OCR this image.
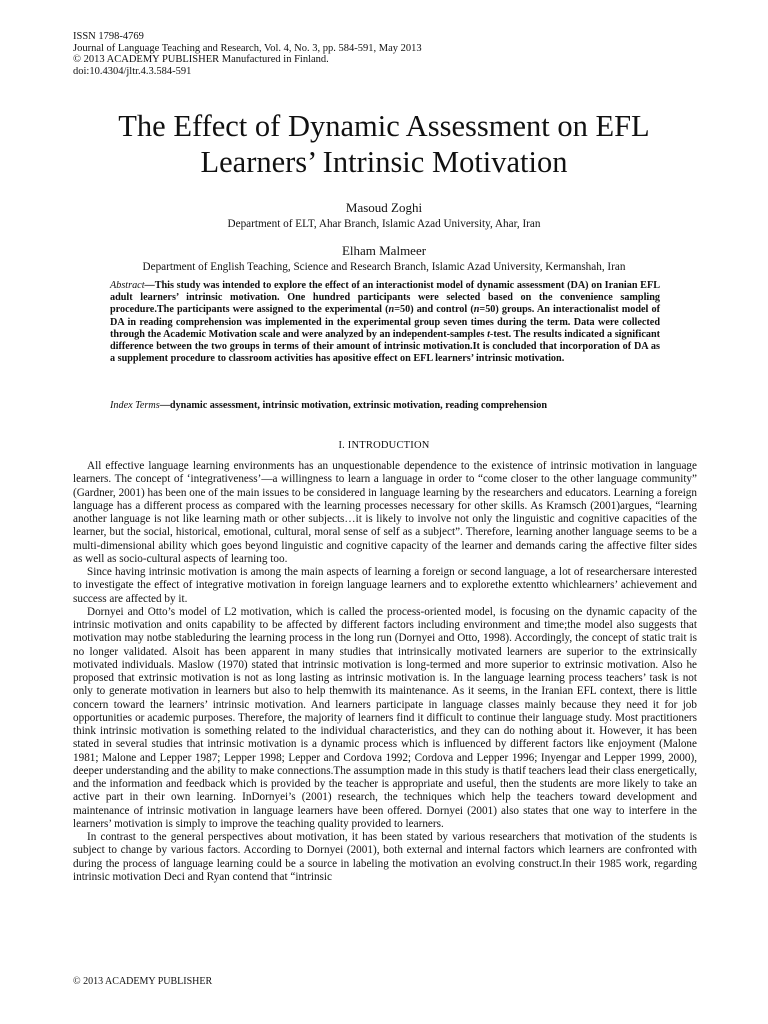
ISSN 1798-4769
Journal of Language Teaching and Research, Vol. 4, No. 3, pp. 584-591, May 2013
© 2013 ACADEMY PUBLISHER Manufactured in Finland.
doi:10.4304/jltr.4.3.584-591
The Effect of Dynamic Assessment on EFL
Learners’ Intrinsic Motivation
Masoud Zoghi
Department of ELT, Ahar Branch, Islamic Azad University, Ahar, Iran
Elham Malmeer
Department of English Teaching, Science and Research Branch, Islamic Azad University, Kermanshah, Iran
Abstract—This study was intended to explore the effect of an interactionist model of dynamic assessment (DA) on Iranian EFL adult learners’ intrinsic motivation. One hundred participants were selected based on the convenience sampling procedure.The participants were assigned to the experimental (n=50) and control (n=50) groups. An interactionalist model of DA in reading comprehension was implemented in the experimental group seven times during the term. Data were collected through the Academic Motivation scale and were analyzed by an independent-samples t-test. The results indicated a significant difference between the two groups in terms of their amount of intrinsic motivation.It is concluded that incorporation of DA as a supplement procedure to classroom activities has apositive effect on EFL learners’ intrinsic motivation.
Index Terms—dynamic assessment, intrinsic motivation, extrinsic motivation, reading comprehension
I. INTRODUCTION

All effective language learning environments has an unquestionable dependence to the existence of intrinsic motivation in language learners. The concept of ‘integrativeness’—a willingness to learn a language in order to “come closer to the other language community” (Gardner, 2001) has been one of the main issues to be considered in language learning by the researchers and educators. Learning a foreign language has a different process as compared with the learning processes necessary for other skills. As Kramsch (2001)argues, “learning another language is not like learning math or other subjects…it is likely to involve not only the linguistic and cognitive capacities of the learner, but the social, historical, emotional, cultural, moral sense of self as a subject”. Therefore, learning another language seems to be a multi-dimensional ability which goes beyond linguistic and cognitive capacity of the learner and demands caring the affective filter sides as well as socio-cultural aspects of learning too.

Since having intrinsic motivation is among the main aspects of learning a foreign or second language, a lot of researchersare interested to investigate the effect of integrative motivation in foreign language learners and to explorethe extentto whichlearners’ achievement and success are affected by it.

Dornyei and Otto’s model of L2 motivation, which is called the process-oriented model, is focusing on the dynamic capacity of the intrinsic motivation and onits capability to be affected by different factors including environment and time;the model also suggests that motivation may notbe stableduring the learning process in the long run (Dornyei and Otto, 1998). Accordingly, the concept of static trait is no longer validated. Alsoit has been apparent in many studies that intrinsically motivated learners are superior to the extrinsically motivated individuals. Maslow (1970) stated that intrinsic motivation is long-termed and more superior to extrinsic motivation. Also he proposed that extrinsic motivation is not as long lasting as intrinsic motivation is. In the language learning process teachers’ task is not only to generate motivation in learners but also to help themwith its maintenance. As it seems, in the Iranian EFL context, there is little concern toward the learners’ intrinsic motivation. And learners participate in language classes mainly because they need it for job opportunities or academic purposes. Therefore, the majority of learners find it difficult to continue their language study. Most practitioners think intrinsic motivation is something related to the individual characteristics, and they can do nothing about it. However, it has been stated in several studies that intrinsic motivation is a dynamic process which is influenced by different factors like enjoyment (Malone 1981; Malone and Lepper 1987; Lepper 1998; Lepper and Cordova 1992; Cordova and Lepper 1996; Inyengar and Lepper 1999, 2000), deeper understanding and the ability to make connections.The assumption made in this study is thatif teachers lead their class energetically, and the information and feedback which is provided by the teacher is appropriate and useful, then the students are more likely to take an active part in their own learning. InDornyei’s (2001) research, the techniques which help the teachers toward development and maintenance of intrinsic motivation in language learners have been offered. Dornyei (2001) also states that one way to interfere in the learners’ motivation is simply to improve the teaching quality provided to learners.

In contrast to the general perspectives about motivation, it has been stated by various researchers that motivation of the students is subject to change by various factors. According to Dornyei (2001), both external and internal factors which learners are confronted with during the process of language learning could be a source in labeling the motivation an evolving construct.In their 1985 work, regarding intrinsic motivation Deci and Ryan contend that “intrinsic

© 2013 ACADEMY PUBLISHER
